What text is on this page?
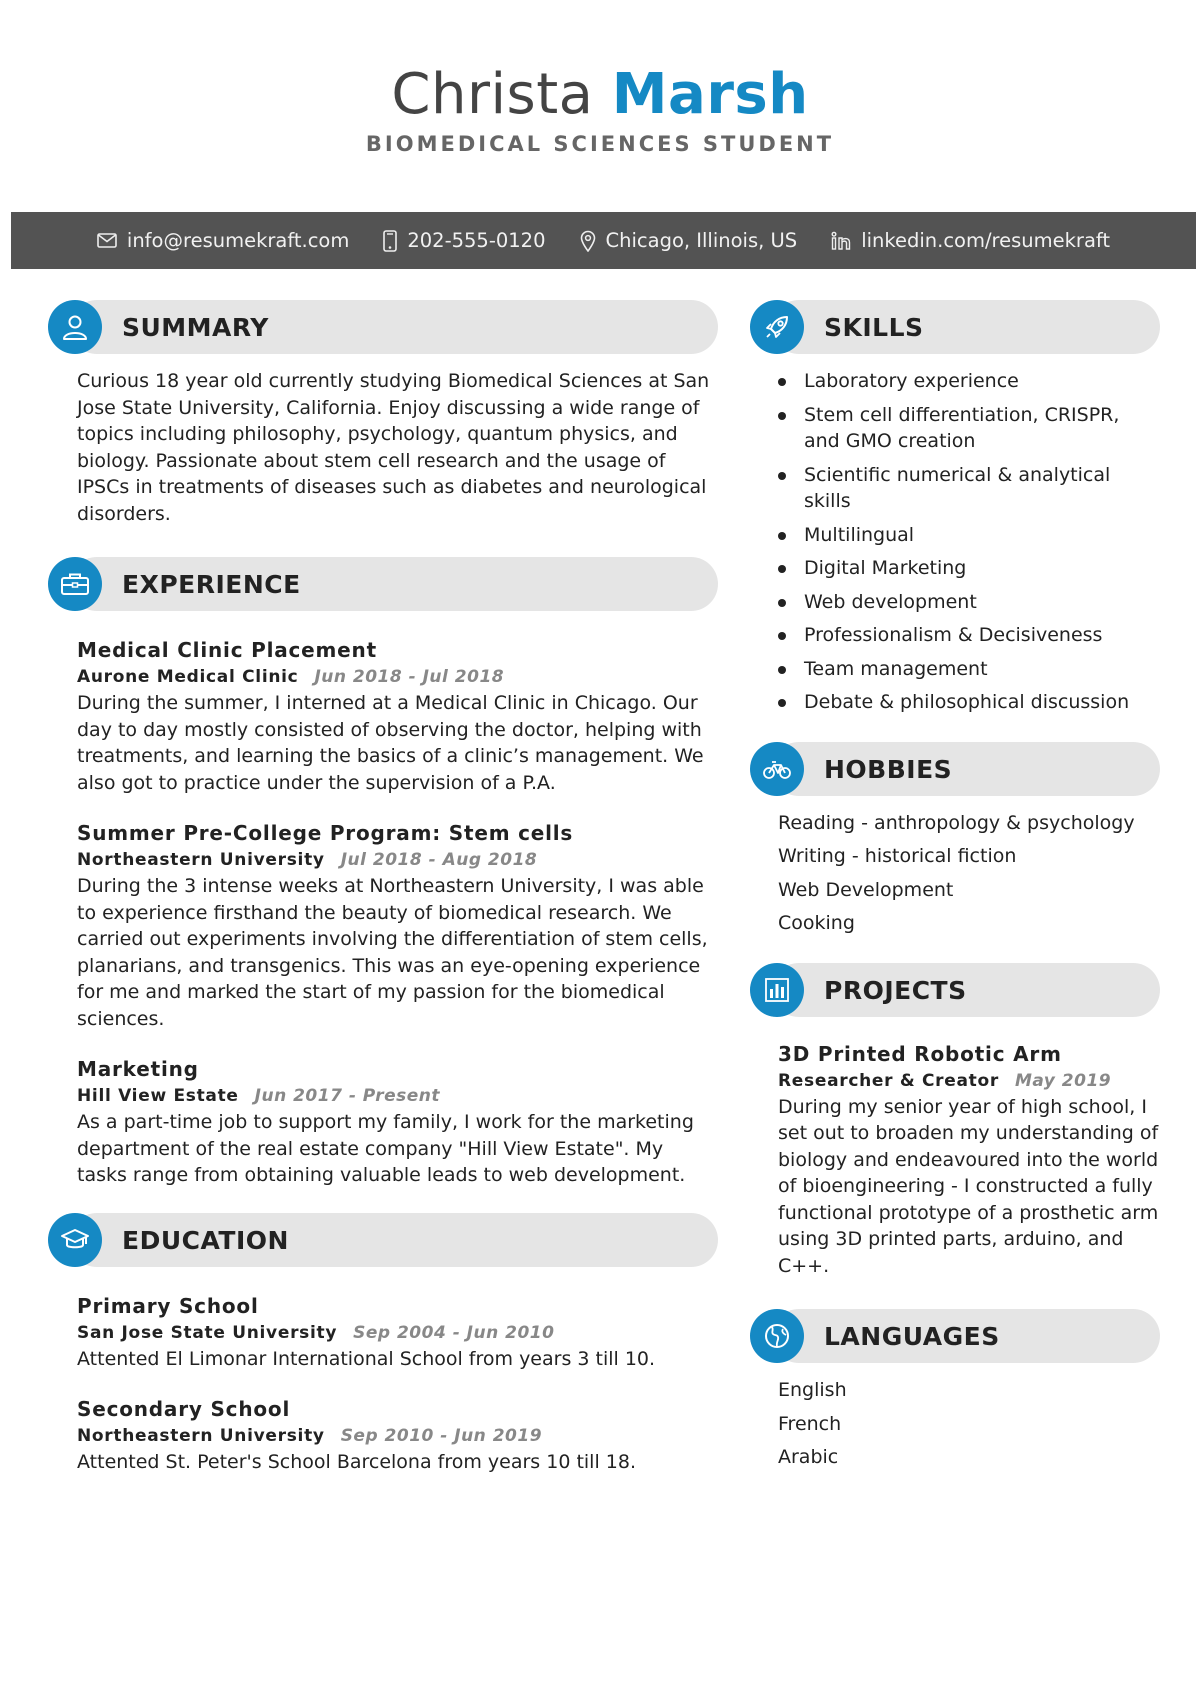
Christa Marsh
BIOMEDICAL SCIENCES STUDENT
info@resumekraft.com	202-555-0120	Chicago, Illinois, US	linkedin.com/resumekraft
SUMMARY

Curious 18 year old currently studying Biomedical Sciences at San Jose State University, California. Enjoy discussing a wide range of topics including philosophy, psychology, quantum physics, and biology. Passionate about stem cell research and the usage of IPSCs in treatments of diseases such as diabetes and neurological disorders.

EXPERIENCE
Medical Clinic Placement
Aurone Medical Clinic Jun 2018 - Jul 2018

During the summer, I interned at a Medical Clinic in Chicago. Our day to day mostly consisted of observing the doctor, helping with treatments, and learning the basics of a clinic’s management. We also got to practice under the supervision of a P.A.

Summer Pre-College Program: Stem cells
Northeastern University Jul 2018 - Aug 2018

During the 3 intense weeks at Northeastern University, I was able to experience firsthand the beauty of biomedical research. We carried out experiments involving the differentiation of stem cells, planarians, and transgenics. This was an eye-opening experience for me and marked the start of my passion for the biomedical sciences.

Marketing
Hill View Estate Jun 2017 - Present

As a part-time job to support my family, I work for the marketing department of the real estate company "Hill View Estate". My tasks range from obtaining valuable leads to web development.

EDUCATION
Primary School
San Jose State University Sep 2004 - Jun 2010

Attented El Limonar International School from years 3 till 10.

Secondary School
Northeastern University Sep 2010 - Jun 2019

Attented St. Peter's School Barcelona from years 10 till 18.

SKILLS
Laboratory experience
Stem cell differentiation, CRISPR, and GMO creation
Scientific numerical & analytical skills
Multilingual
Digital Marketing
Web development
Professionalism & Decisiveness
Team management
Debate & philosophical discussion
HOBBIES
Reading - anthropology & psychology
Writing - historical fiction
Web Development
Cooking
PROJECTS
3D Printed Robotic Arm
Researcher & Creator May 2019

During my senior year of high school, I set out to broaden my understanding of biology and endeavoured into the world of bioengineering - I constructed a fully functional prototype of a prosthetic arm using 3D printed parts, arduino, and C++.

LANGUAGES
English
French
Arabic
